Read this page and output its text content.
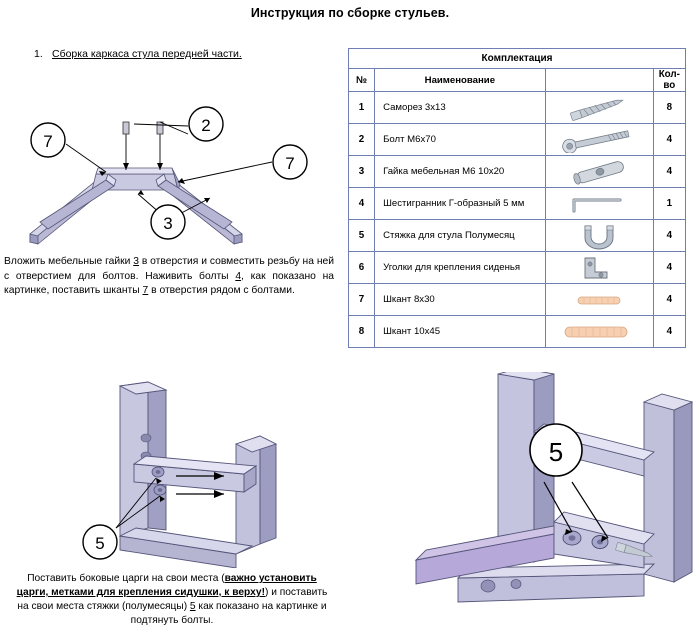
Инструкция по сборке стульев.
1. Сборка каркаса стула передней части.
2
7
7
3
Вложить мебельные гайки 3 в отверстия и совместить резьбу на ней с отверстием для болтов. Наживить болты 4, как показано на картинке, поставить шканты 7 в отверстия рядом с болтами.
Комплектация			
№	Наименование		Кол-во
1	Саморез 3х13		8
2	Болт М6х70		4
3	Гайка мебельная М6 10х20		4
4	Шестигранник Г-образный 5 мм		1
5	Стяжка для стула Полумесяц		4
6	Уголки для крепления сиденья		4
7	Шкант 8х30		4
8	Шкант 10х45		4
5
5
Поставить боковые царги на свои места (важно установить царги, метками для крепления сидушки, к верху!) и поставить на свои места стяжки (полумесяцы) 5 как показано на картинке и подтянуть болты.
